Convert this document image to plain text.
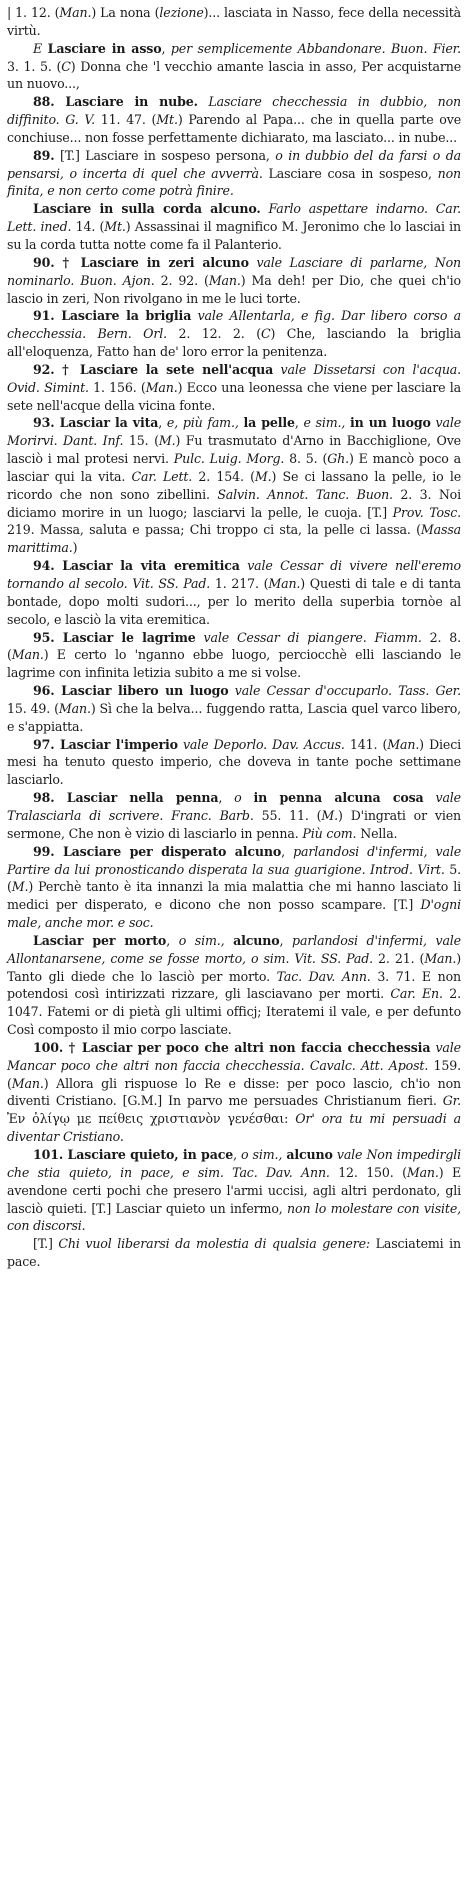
| 1. 12. (Man.) La nona (lezione)... lasciata in Nasso, fece della necessità virtù.

E Lasciare in asso, per semplicemente Abbandonare. Buon. Fier. 3. 1. 5. (C) Donna che 'l vecchio amante lascia in asso, Per acquistarne un nuovo...,

88. Lasciare in nube. Lasciare checchessia in dubbio, non diffinito. G. V. 11. 47. (Mt.) Parendo al Papa... che in quella parte ove conchiuse... non fosse perfettamente dichiarato, ma lasciato... in nube...

89. [T.] Lasciare in sospeso persona, o in dubbio del da farsi o da pensarsi, o incerta di quel che avverrà. Lasciare cosa in sospeso, non finita, e non certo come potrà finire.

Lasciare in sulla corda alcuno. Farlo aspettare indarno. Car. Lett. ined. 14. (Mt.) Assassinai il magnifico M. Jeronimo che lo lasciai in su la corda tutta notte come fa il Palanterio.

90. † Lasciare in zeri alcuno vale Lasciare di parlarne, Non nominarlo. Buon. Ajon. 2. 92. (Man.) Ma deh! per Dio, che quei ch'io lascio in zeri, Non rivolgano in me le luci torte.

91. Lasciare la briglia vale Allentarla, e fig. Dar libero corso a checchessia. Bern. Orl. 2. 12. 2. (C) Che, lasciando la briglia all'eloquenza, Fatto han de' loro error la penitenza.

92. † Lasciare la sete nell'acqua vale Dissetarsi con l'acqua. Ovid. Simint. 1. 156. (Man.) Ecco una leonessa che viene per lasciare la sete nell'acque della vicina fonte.

93. Lasciar la vita, e, più fam., la pelle, e sim., in un luogo vale Morirvi. Dant. Inf. 15. (M.) Fu trasmutato d'Arno in Bacchiglione, Ove lasciò i mal protesi nervi. Pulc. Luig. Morg. 8. 5. (Gh.) E mancò poco a lasciar qui la vita. Car. Lett. 2. 154. (M.) Se ci lassano la pelle, io le ricordo che non sono zibellini. Salvin. Annot. Tanc. Buon. 2. 3. Noi diciamo morire in un luogo; lasciarvi la pelle, le cuoja. [T.] Prov. Tosc. 219. Massa, saluta e passa; Chi troppo ci sta, la pelle ci lassa. (Massa marittima.)

94. Lasciar la vita eremitica vale Cessar di vivere nell'eremo tornando al secolo. Vit. SS. Pad. 1. 217. (Man.) Questi di tale e di tanta bontade, dopo molti sudori..., per lo merito della superbia tornòe al secolo, e lasciò la vita eremitica.

95. Lasciar le lagrime vale Cessar di piangere. Fiamm. 2. 8. (Man.) E certo lo 'nganno ebbe luogo, perciocchè elli lasciando le lagrime con infinita letizia subito a me si volse.

96. Lasciar libero un luogo vale Cessar d'occuparlo. Tass. Ger. 15. 49. (Man.) Sì che la belva... fuggendo ratta, Lascia quel varco libero, e s'appiatta.

97. Lasciar l'imperio vale Deporlo. Dav. Accus. 141. (Man.) Dieci mesi ha tenuto questo imperio, che doveva in tante poche settimane lasciarlo.

98. Lasciar nella penna, o in penna alcuna cosa vale Tralasciarla di scrivere. Franc. Barb. 55. 11. (M.) D'ingrati or vien sermone, Che non è vizio di lasciarlo in penna. Più com. Nella.

99. Lasciare per disperato alcuno, parlandosi d'infermi, vale Partire da lui pronosticando disperata la sua guarigione. Introd. Virt. 5. (M.) Perchè tanto è ita innanzi la mia malattia che mi hanno lasciato li medici per disperato, e dicono che non posso scampare. [T.] D'ogni male, anche mor. e soc.

Lasciar per morto, o sim., alcuno, parlandosi d'infermi, vale Allontanarsene, come se fosse morto, o sim. Vit. SS. Pad. 2. 21. (Man.) Tanto gli diede che lo lasciò per morto. Tac. Dav. Ann. 3. 71. E non potendosi così intirizzati rizzare, gli lasciavano per morti. Car. En. 2. 1047. Fatemi or di pietà gli ultimi officj; Iteratemi il vale, e per defunto Così composto il mio corpo lasciate.

100. † Lasciar per poco che altri non faccia checchessia vale Mancar poco che altri non faccia checchessia. Cavalc. Att. Apost. 159. (Man.) Allora gli rispuose lo Re e disse: per poco lascio, ch'io non diventi Cristiano. [G.M.] In parvo me persuades Christianum fieri. Gr. Ἐν ὀλίγῳ με πείθεις χριστιανὸν γενέσθαι: Or' ora tu mi persuadi a diventar Cristiano.

101. Lasciare quieto, in pace, o sim., alcuno vale Non impedirgli che stia quieto, in pace, e sim. Tac. Dav. Ann. 12. 150. (Man.) E avendone certi pochi che presero l'armi uccisi, agli altri perdonato, gli lasciò quieti. [T.] Lasciar quieto un infermo, non lo molestare con visite, con discorsi.

[T.] Chi vuol liberarsi da molestia di qualsia genere: Lasciatemi in pace.
